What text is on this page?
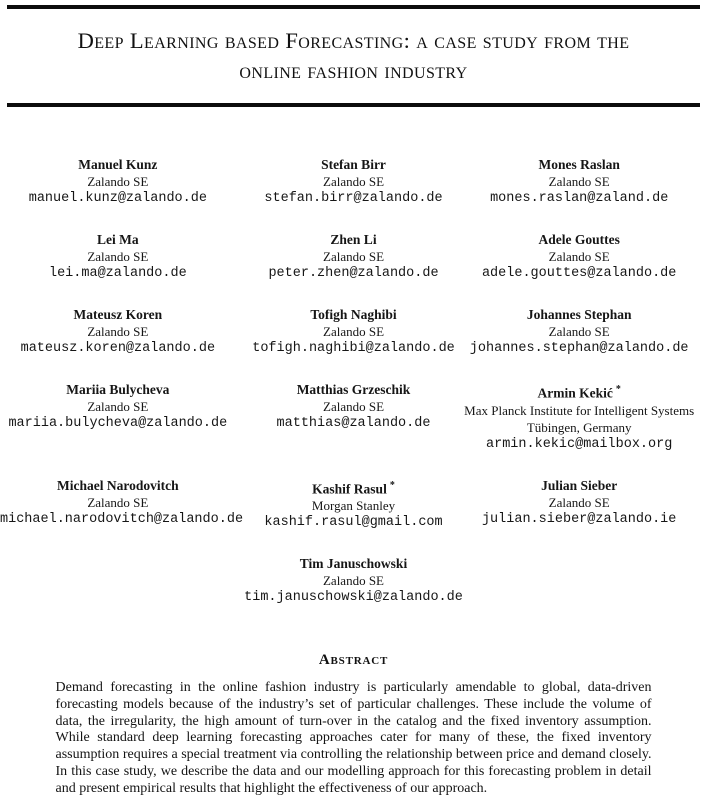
Deep Learning based Forecasting: a case study from the
online fashion industry
Manuel Kunz
Zalando SE
manuel.kunz@zalando.de
Stefan Birr
Zalando SE
stefan.birr@zalando.de
Mones Raslan
Zalando SE
mones.raslan@zaland.de
Lei Ma
Zalando SE
lei.ma@zalando.de
Zhen Li
Zalando SE
peter.zhen@zalando.de
Adele Gouttes
Zalando SE
adele.gouttes@zalando.de
Mateusz Koren
Zalando SE
mateusz.koren@zalando.de
Tofigh Naghibi
Zalando SE
tofigh.naghibi@zalando.de
Johannes Stephan
Zalando SE
johannes.stephan@zalando.de
Mariia Bulycheva
Zalando SE
mariia.bulycheva@zalando.de
Matthias Grzeschik
Zalando SE
matthias@zalando.de
Armin Kekić *
Max Planck Institute for Intelligent Systems
Tübingen, Germany
armin.kekic@mailbox.org
Michael Narodovitch
Zalando SE
michael.narodovitch@zalando.de
Kashif Rasul *
Morgan Stanley
kashif.rasul@gmail.com
Julian Sieber
Zalando SE
julian.sieber@zalando.ie
Tim Januschowski
Zalando SE
tim.januschowski@zalando.de
Abstract

Demand forecasting in the online fashion industry is particularly amendable to global, data-driven forecasting models because of the industry’s set of particular challenges. These include the volume of data, the irregularity, the high amount of turn-over in the catalog and the fixed inventory assumption. While standard deep learning forecasting approaches cater for many of these, the fixed inventory assumption requires a special treatment via controlling the relationship between price and demand closely. In this case study, we describe the data and our modelling approach for this forecasting problem in detail and present empirical results that highlight the effectiveness of our approach.
